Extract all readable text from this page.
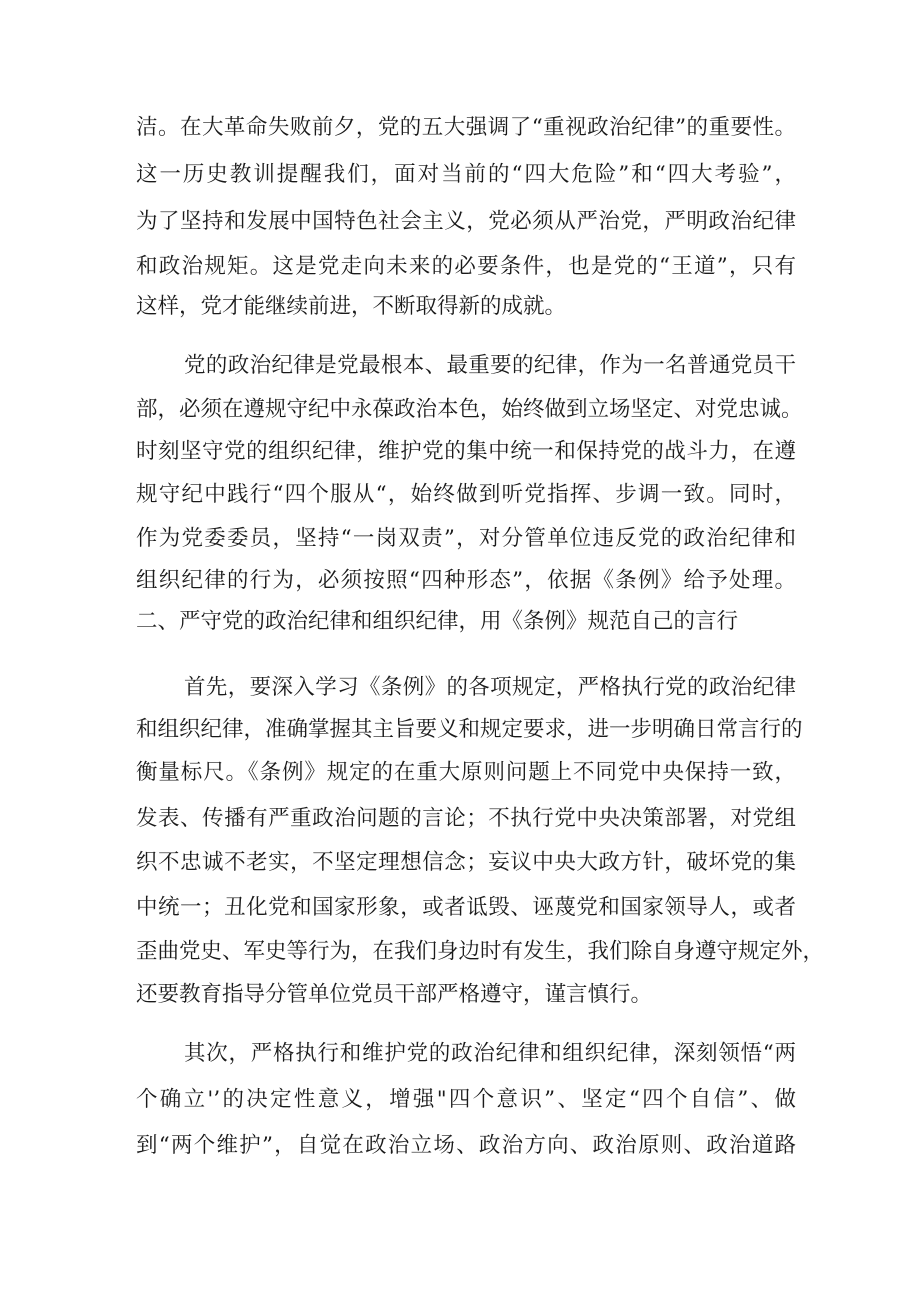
洁。在大革命失败前夕，党的五大强调了“重视政治纪律”的重要性。
这一历史教训提醒我们，面对当前的“四大危险”和“四大考验”，
为了坚持和发展中国特色社会主义，党必须从严治党，严明政治纪律
和政治规矩。这是党走向未来的必要条件，也是党的“王道”，只有
这样，党才能继续前进，不断取得新的成就。
党的政治纪律是党最根本、最重要的纪律，作为一名普通党员干
部，必须在遵规守纪中永葆政治本色，始终做到立场坚定、对党忠诚。
时刻坚守党的组织纪律，维护党的集中统一和保持党的战斗力，在遵
规守纪中践行“四个服从“，始终做到听党指挥、步调一致。同时，
作为党委委员，坚持“一岗双责”，对分管单位违反党的政治纪律和
组织纪律的行为，必须按照“四种形态”，依据《条例》给予处理。
二、严守党的政治纪律和组织纪律，用《条例》规范自己的言行
首先，要深入学习《条例》的各项规定，严格执行党的政治纪律
和组织纪律，准确掌握其主旨要义和规定要求，进一步明确日常言行的
衡量标尺。《条例》规定的在重大原则问题上不同党中央保持一致，
发表、传播有严重政治问题的言论；不执行党中央决策部署，对党组
织不忠诚不老实，不坚定理想信念；妄议中央大政方针，破坏党的集
中统一；丑化党和国家形象，或者诋毁、诬蔑党和国家领导人，或者
歪曲党史、军史等行为，在我们身边时有发生，我们除自身遵守规定外，
还要教育指导分管单位党员干部严格遵守，谨言慎行。
其次，严格执行和维护党的政治纪律和组织纪律，深刻领悟“两
个确立'’的决定性意义，增强"四个意识”、坚定“四个自信”、做
到“两个维护”，自觉在政治立场、政治方向、政治原则、政治道路
